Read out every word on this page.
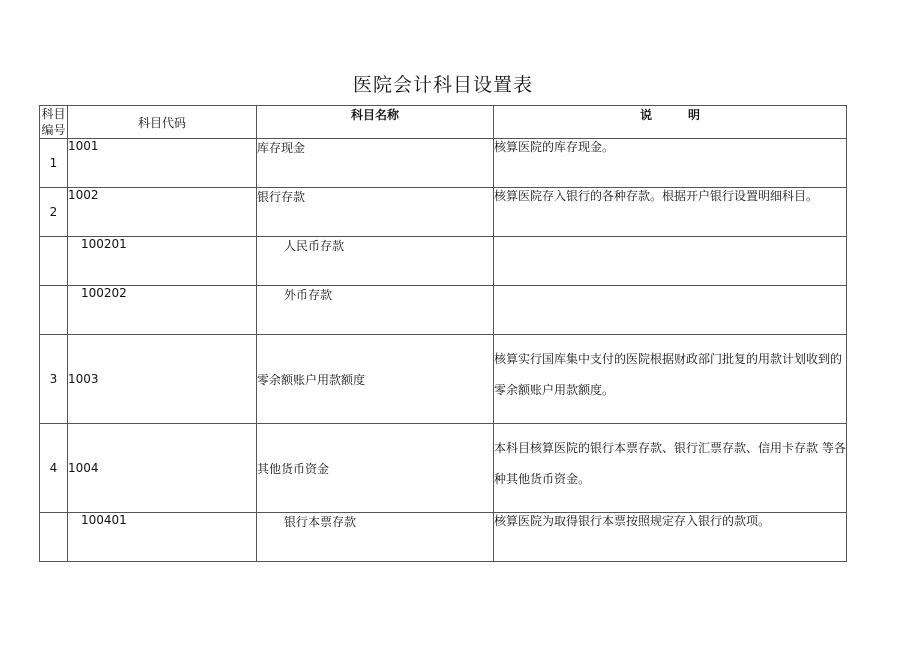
医院会计科目设置表
科目
编号	科目代码	科目名称	说　　　明
1	1001	库存现金	核算医院的库存现金。
2	1002	银行存款	核算医院存入银行的各种存款。根据开户银行设置明细科目。
	100201	人民币存款	
	100202	外币存款	
3	1003	零余额账户用款额度	核算实行国库集中支付的医院根据财政部门批复的用款计划收到的零余额账户用款额度。
4	1004	其他货币资金	本科目核算医院的银行本票存款、银行汇票存款、信用卡存款 等各种其他货币资金。
	100401	银行本票存款	核算医院为取得银行本票按照规定存入银行的款项。
